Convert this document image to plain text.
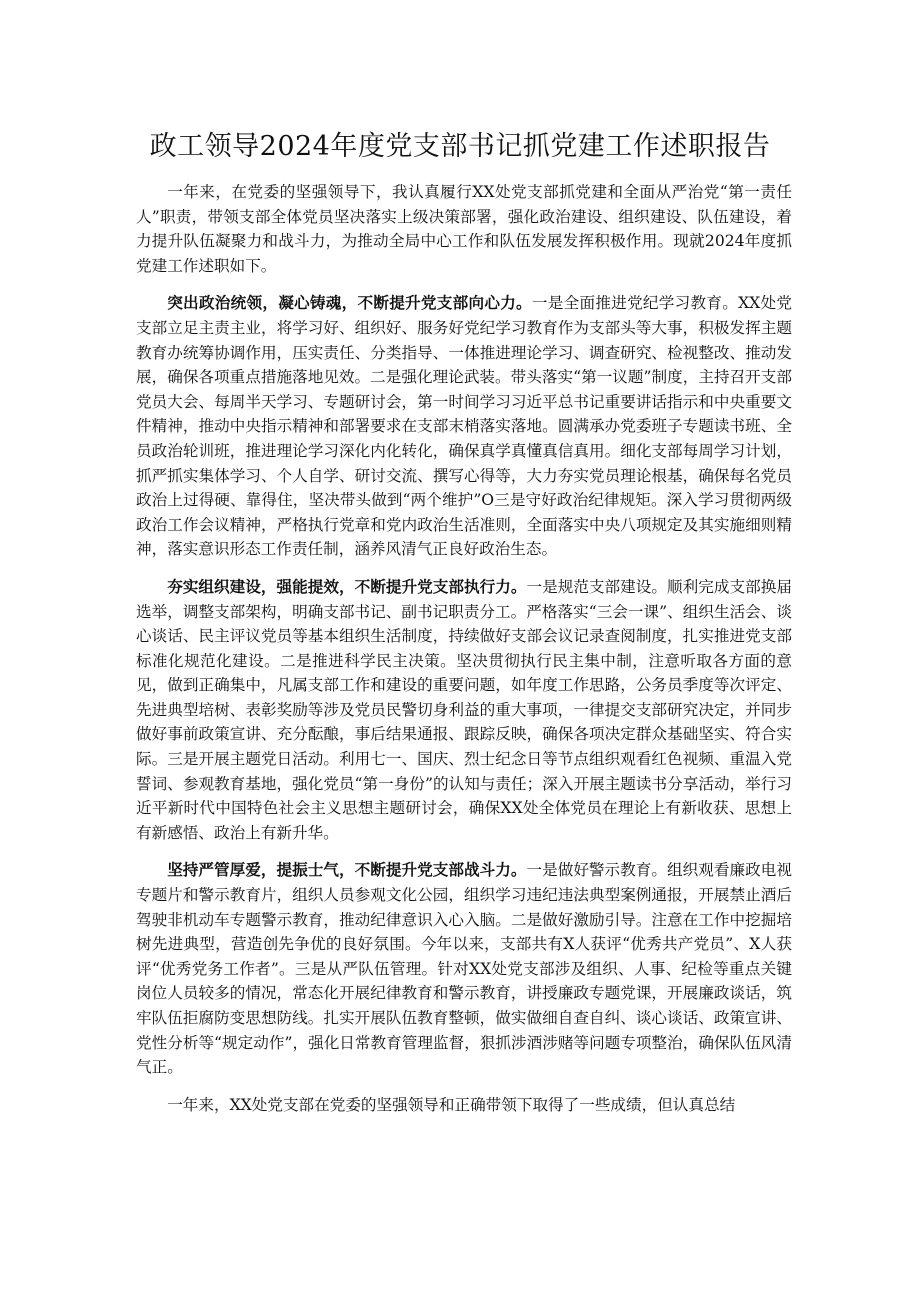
政工领导2024年度党支部书记抓党建工作述职报告

一年来，在党委的坚强领导下，我认真履行XX处党支部抓党建和全面从严治党“第一责任人”职责，带领支部全体党员坚决落实上级决策部署，强化政治建设、组织建设、队伍建设，着力提升队伍凝聚力和战斗力，为推动全局中心工作和队伍发展发挥积极作用。现就2024年度抓党建工作述职如下。

突出政治统领，凝心铸魂，不断提升党支部向心力。一是全面推进党纪学习教育。XX处党支部立足主责主业，将学习好、组织好、服务好党纪学习教育作为支部头等大事，积极发挥主题教育办统筹协调作用，压实责任、分类指导、一体推进理论学习、调查研究、检视整改、推动发展，确保各项重点措施落地见效。二是强化理论武装。带头落实“第一议题”制度，主持召开支部党员大会、每周半天学习、专题研讨会，第一时间学习习近平总书记重要讲话指示和中央重要文件精神，推动中央指示精神和部署要求在支部末梢落实落地。圆满承办党委班子专题读书班、全员政治轮训班，推进理论学习深化内化转化，确保真学真懂真信真用。细化支部每周学习计划，抓严抓实集体学习、个人自学、研讨交流、撰写心得等，大力夯实党员理论根基，确保每名党员政治上过得硬、靠得住，坚决带头做到“两个维护”O三是守好政治纪律规矩。深入学习贯彻两级政治工作会议精神，严格执行党章和党内政治生活准则，全面落实中央八项规定及其实施细则精神，落实意识形态工作责任制，涵养风清气正良好政治生态。

夯实组织建设，强能提效，不断提升党支部执行力。一是规范支部建设。顺利完成支部换届选举，调整支部架构，明确支部书记、副书记职责分工。严格落实“三会一课”、组织生活会、谈心谈话、民主评议党员等基本组织生活制度，持续做好支部会议记录查阅制度，扎实推进党支部标准化规范化建设。二是推进科学民主决策。坚决贯彻执行民主集中制，注意听取各方面的意见，做到正确集中，凡属支部工作和建设的重要问题，如年度工作思路，公务员季度等次评定、先进典型培树、表彰奖励等涉及党员民警切身利益的重大事项，一律提交支部研究决定，并同步做好事前政策宣讲、充分酝酿，事后结果通报、跟踪反映，确保各项决定群众基础坚实、符合实际。三是开展主题党日活动。利用七一、国庆、烈士纪念日等节点组织观看红色视频、重温入党誓词、参观教育基地，强化党员“第一身份”的认知与责任；深入开展主题读书分享活动，举行习近平新时代中国特色社会主义思想主题研讨会，确保XX处全体党员在理论上有新收获、思想上有新感悟、政治上有新升华。

坚持严管厚爱，提振士气，不断提升党支部战斗力。一是做好警示教育。组织观看廉政电视专题片和警示教育片，组织人员参观文化公园，组织学习违纪违法典型案例通报，开展禁止酒后驾驶非机动车专题警示教育，推动纪律意识入心入脑。二是做好激励引导。注意在工作中挖掘培树先进典型，营造创先争优的良好氛围。今年以来，支部共有X人获评“优秀共产党员”、X人获评“优秀党务工作者”。三是从严队伍管理。针对XX处党支部涉及组织、人事、纪检等重点关键岗位人员较多的情况，常态化开展纪律教育和警示教育，讲授廉政专题党课，开展廉政谈话，筑牢队伍拒腐防变思想防线。扎实开展队伍教育整顿，做实做细自查自纠、谈心谈话、政策宣讲、党性分析等“规定动作”，强化日常教育管理监督，狠抓涉酒涉赌等问题专项整治，确保队伍风清气正。

一年来，XX处党支部在党委的坚强领导和正确带领下取得了一些成绩，但认真总结
